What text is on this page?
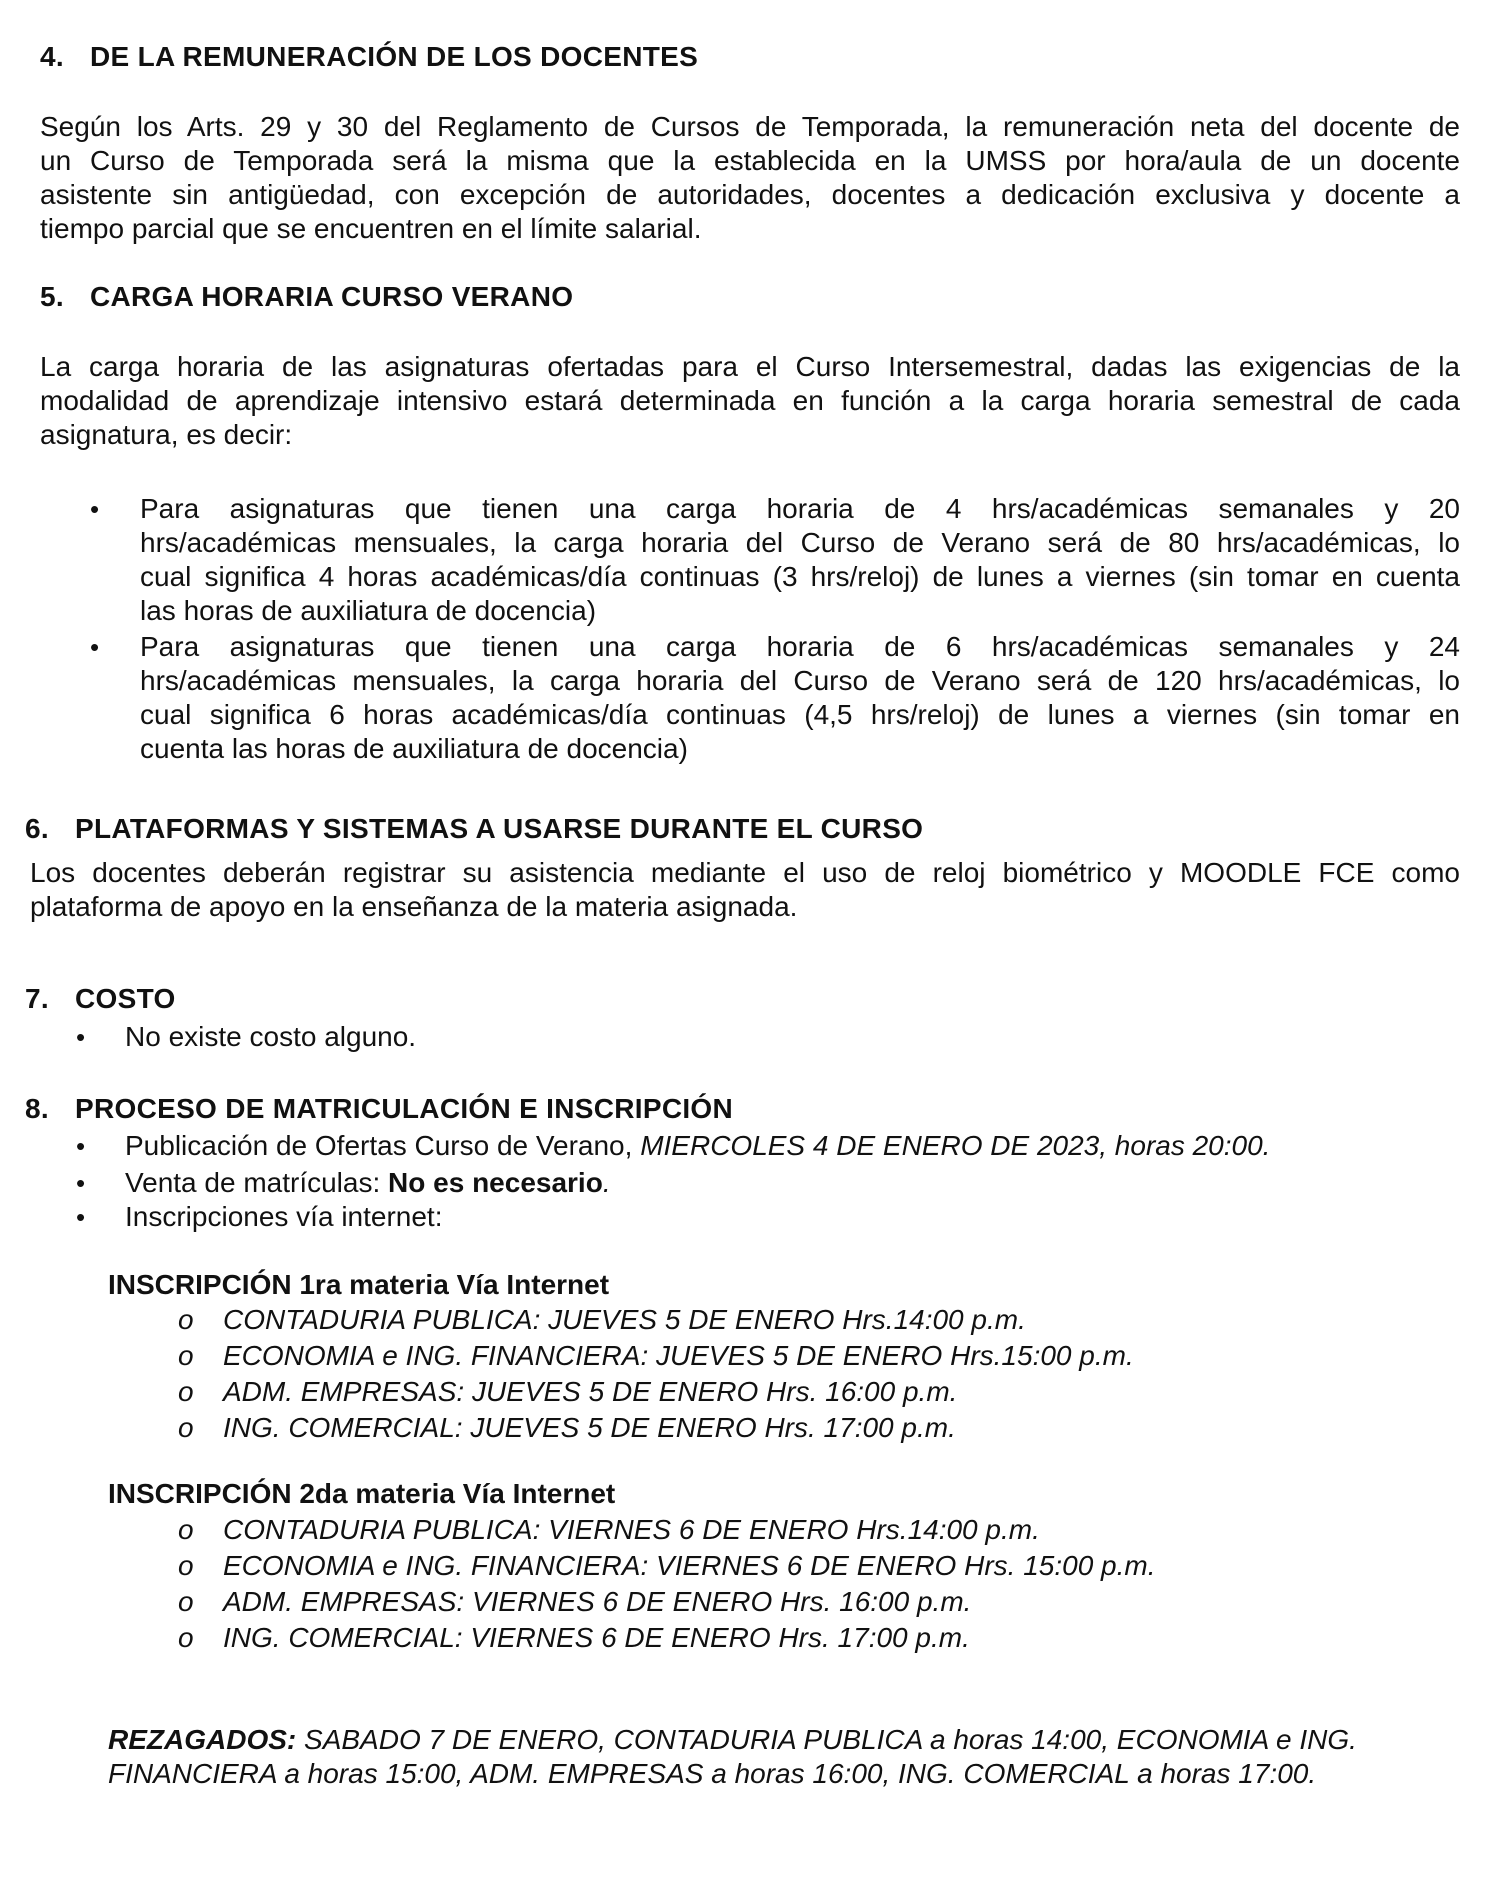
4. DE LA REMUNERACIÓN DE LOS DOCENTES
Según los Arts. 29 y 30 del Reglamento de Cursos de Temporada, la remuneración neta del docente de
un Curso de Temporada será la misma que la establecida en la UMSS por hora/aula de un docente
asistente sin antigüedad, con excepción de autoridades, docentes a dedicación exclusiva y docente a
tiempo parcial que se encuentren en el límite salarial.
5. CARGA HORARIA CURSO VERANO
La carga horaria de las asignaturas ofertadas para el Curso Intersemestral, dadas las exigencias de la
modalidad de aprendizaje intensivo estará determinada en función a la carga horaria semestral de cada
asignatura, es decir:
• Para asignaturas que tienen una carga horaria de 4 hrs/académicas semanales y 20
hrs/académicas mensuales, la carga horaria del Curso de Verano será de 80 hrs/académicas, lo
cual significa 4 horas académicas/día continuas (3 hrs/reloj) de lunes a viernes (sin tomar en cuenta
las horas de auxiliatura de docencia)
• Para asignaturas que tienen una carga horaria de 6 hrs/académicas semanales y 24
hrs/académicas mensuales, la carga horaria del Curso de Verano será de 120 hrs/académicas, lo
cual significa 6 horas académicas/día continuas (4,5 hrs/reloj) de lunes a viernes (sin tomar en
cuenta las horas de auxiliatura de docencia)
6. PLATAFORMAS Y SISTEMAS A USARSE DURANTE EL CURSO
Los docentes deberán registrar su asistencia mediante el uso de reloj biométrico y MOODLE FCE como
plataforma de apoyo en la enseñanza de la materia asignada.
7. COSTO
• No existe costo alguno.
8. PROCESO DE MATRICULACIÓN E INSCRIPCIÓN
• Publicación de Ofertas Curso de Verano, MIERCOLES 4 DE ENERO DE 2023, horas 20:00.
• Venta de matrículas: No es necesario.
• Inscripciones vía internet:
INSCRIPCIÓN 1ra materia Vía Internet
o CONTADURIA PUBLICA: JUEVES 5 DE ENERO Hrs.14:00 p.m.
o ECONOMIA e ING. FINANCIERA: JUEVES 5 DE ENERO Hrs.15:00 p.m.
o ADM. EMPRESAS: JUEVES 5 DE ENERO Hrs. 16:00 p.m.
o ING. COMERCIAL: JUEVES 5 DE ENERO Hrs. 17:00 p.m.
INSCRIPCIÓN 2da materia Vía Internet
o CONTADURIA PUBLICA: VIERNES 6 DE ENERO Hrs.14:00 p.m.
o ECONOMIA e ING. FINANCIERA: VIERNES 6 DE ENERO Hrs. 15:00 p.m.
o ADM. EMPRESAS: VIERNES 6 DE ENERO Hrs. 16:00 p.m.
o ING. COMERCIAL: VIERNES 6 DE ENERO Hrs. 17:00 p.m.
REZAGADOS: SABADO 7 DE ENERO, CONTADURIA PUBLICA a horas 14:00, ECONOMIA e ING.
FINANCIERA a horas 15:00, ADM. EMPRESAS a horas 16:00, ING. COMERCIAL a horas 17:00.
